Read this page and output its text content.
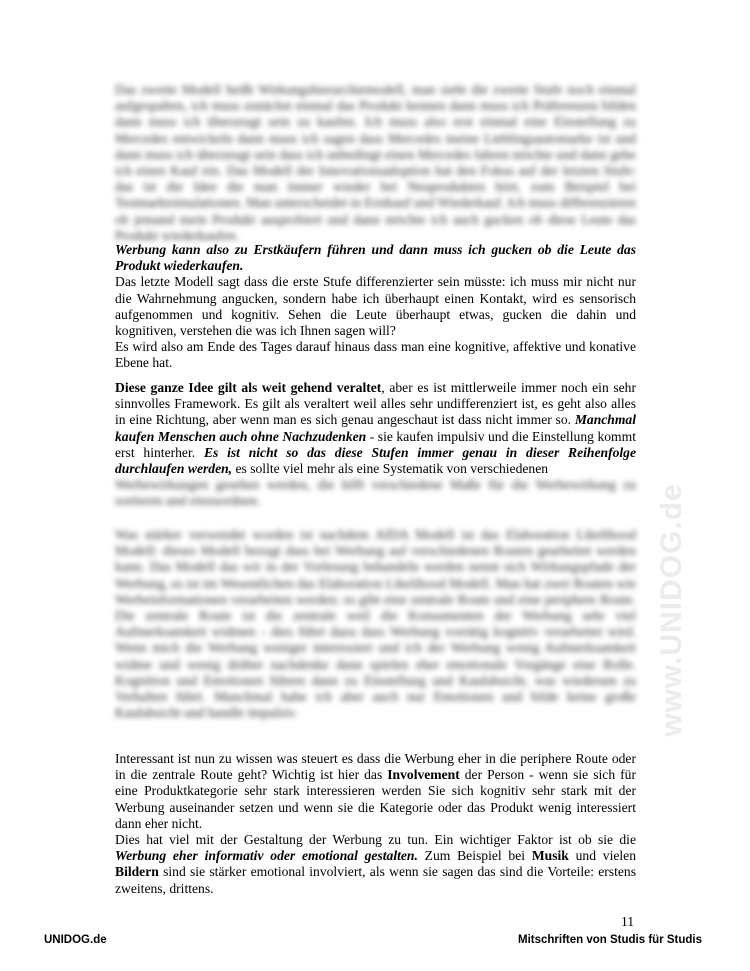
www.UNIDOG.de

Das zweite Modell heißt Wirkungshierarchiemodell, man sieht die zweite Stufe noch einmal aufgespalten, ich muss zunächst einmal das Produkt kennen dann muss ich Präferenzen bilden dann muss ich überzeugt sein zu kaufen. Ich muss also erst einmal eine Einstellung zu Mercedes entwickeln dann muss ich sagen dass Mercedes meine Lieblingsautomarke ist und dann muss ich überzeugt sein dass ich unbedingt einen Mercedes fahren möchte und dann gehe ich einen Kauf ein. Das Modell der Innovationsadoption hat den Fokus auf der letzten Stufe: das ist die Idee die man immer wieder bei Neuprodukten hört, zum Beispiel bei Testmarktsimulationen. Man unterscheidet in Erstkauf und Wiederkauf. Ich muss differenzieren ob jemand mein Produkt ausprobiert und dann möchte ich auch gucken ob diese Leute das Produkt wiederkaufen.

Werbung kann also zu Erstkäufern führen und dann muss ich gucken ob die Leute das Produkt wiederkaufen.

Das letzte Modell sagt dass die erste Stufe differenzierter sein müsste: ich muss mir nicht nur die Wahrnehmung angucken, sondern habe ich überhaupt einen Kontakt, wird es sensorisch aufgenommen und kognitiv. Sehen die Leute überhaupt etwas, gucken die dahin und kognitiven, verstehen die was ich Ihnen sagen will?

Es wird also am Ende des Tages darauf hinaus dass man eine kognitive, affektive und konative Ebene hat.

Diese ganze Idee gilt als weit gehend veraltet, aber es ist mittlerweile immer noch ein sehr sinnvolles Framework. Es gilt als veraltert weil alles sehr undifferenziert ist, es geht also alles in eine Richtung, aber wenn man es sich genau angeschaut ist dass nicht immer so. Manchmal kaufen Menschen auch ohne Nachzudenken - sie kaufen impulsiv und die Einstellung kommt erst hinterher. Es ist nicht so das diese Stufen immer genau in dieser Reihenfolge durchlaufen werden, es sollte viel mehr als eine Systematik von verschiedenen

Werbewirkungen gesehen werden, die hilft verschiedene Maße für die Werbewirkung zu sortieren und einzuordnen.

Was stärker verwendet worden ist nachdem AIDA Modell ist das Elaboration Likelihood Modell: dieses Modell bezugt dass bei Werbung auf verschiedenen Routen gearbeitet werden kann. Das Modell das wir in der Vorlesung behandeln werden nennt sich Wirkungspfade der Werbung, es ist im Wesentlichen das Elaboration Likelihood Modell. Man hat zwei Routen wie Werbeinformationen verarbeiten werden: es gibt eine zentrale Route und eine periphere Route. Die zentrale Route ist die zentrale weil die Konsumenten der Werbung sehr viel Aufmerksamkeit widmen - dies führt dazu dass Werbung vorrätig kognitiv verarbeitet wird. Wenn mich die Werbung weniger interessiert und ich der Werbung wenig Aufmerksamkeit widme und wenig drüber nachdenke dann spielen eher emotionale Vorgänge eine Rolle. Kognition und Emotionen führen dann zu Einstellung und Kaufabsicht, was wiederum zu Verhalten führt. Manchmal habe ich aber auch nur Emotionen und bilde keine große Kaufabsicht und handle impulsiv.

Interessant ist nun zu wissen was steuert es dass die Werbung eher in die periphere Route oder in die zentrale Route geht? Wichtig ist hier das Involvement der Person - wenn sie sich für eine Produktkategorie sehr stark interessieren werden Sie sich kognitiv sehr stark mit der Werbung auseinander setzen und wenn sie die Kategorie oder das Produkt wenig interessiert dann eher nicht.

Dies hat viel mit der Gestaltung der Werbung zu tun. Ein wichtiger Faktor ist ob sie die Werbung eher informativ oder emotional gestalten. Zum Beispiel bei Musik und vielen Bildern sind sie stärker emotional involviert, als wenn sie sagen das sind die Vorteile: erstens zweitens, drittens.

11
UNIDOG.de	Mitschriften von Studis für Studis
